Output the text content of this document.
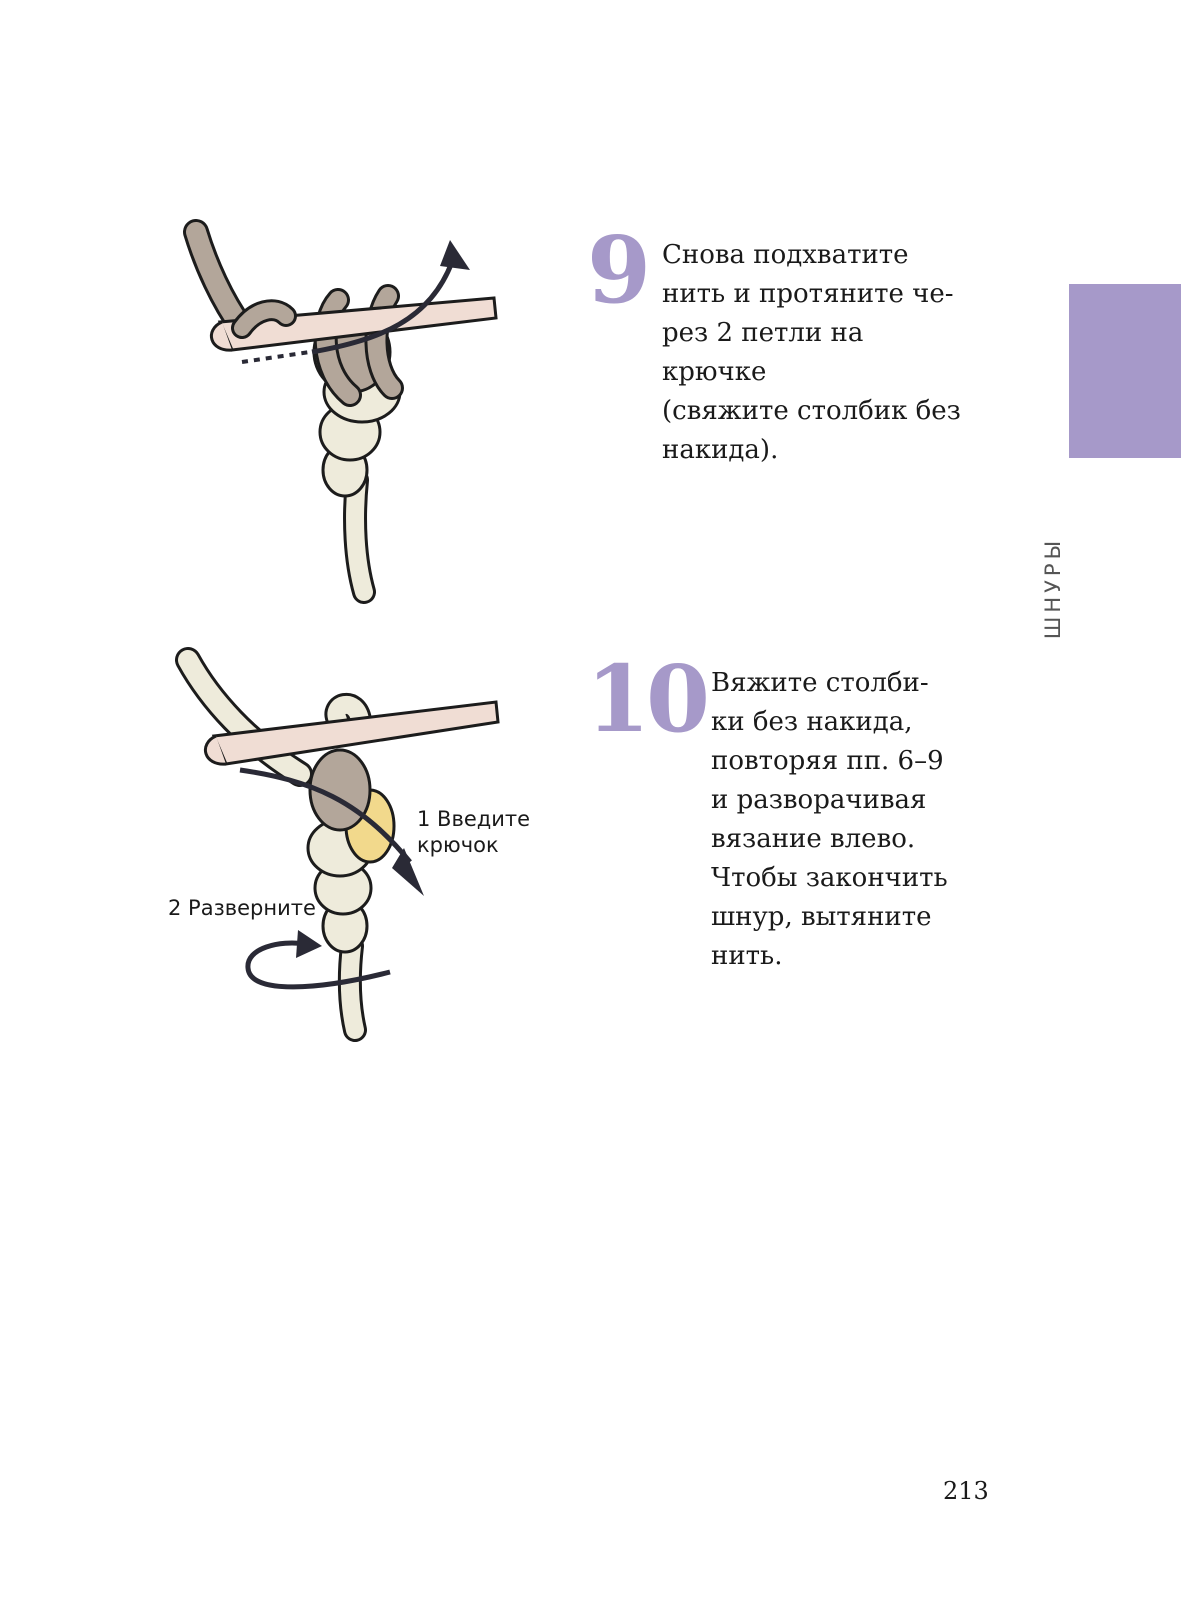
ШНУРЫ
9 Снова подхватите
нить и протяните че-
рез 2 петли на крючке
(свяжите столбик без
накида).

10 Вяжите столби-
ки без накида,
повторяя пп. 6–9
и разворачивая
вязание влево.
Чтобы закончить
шнур, вытяните
нить.

1 Введите
крючок
2 Разверните
213
